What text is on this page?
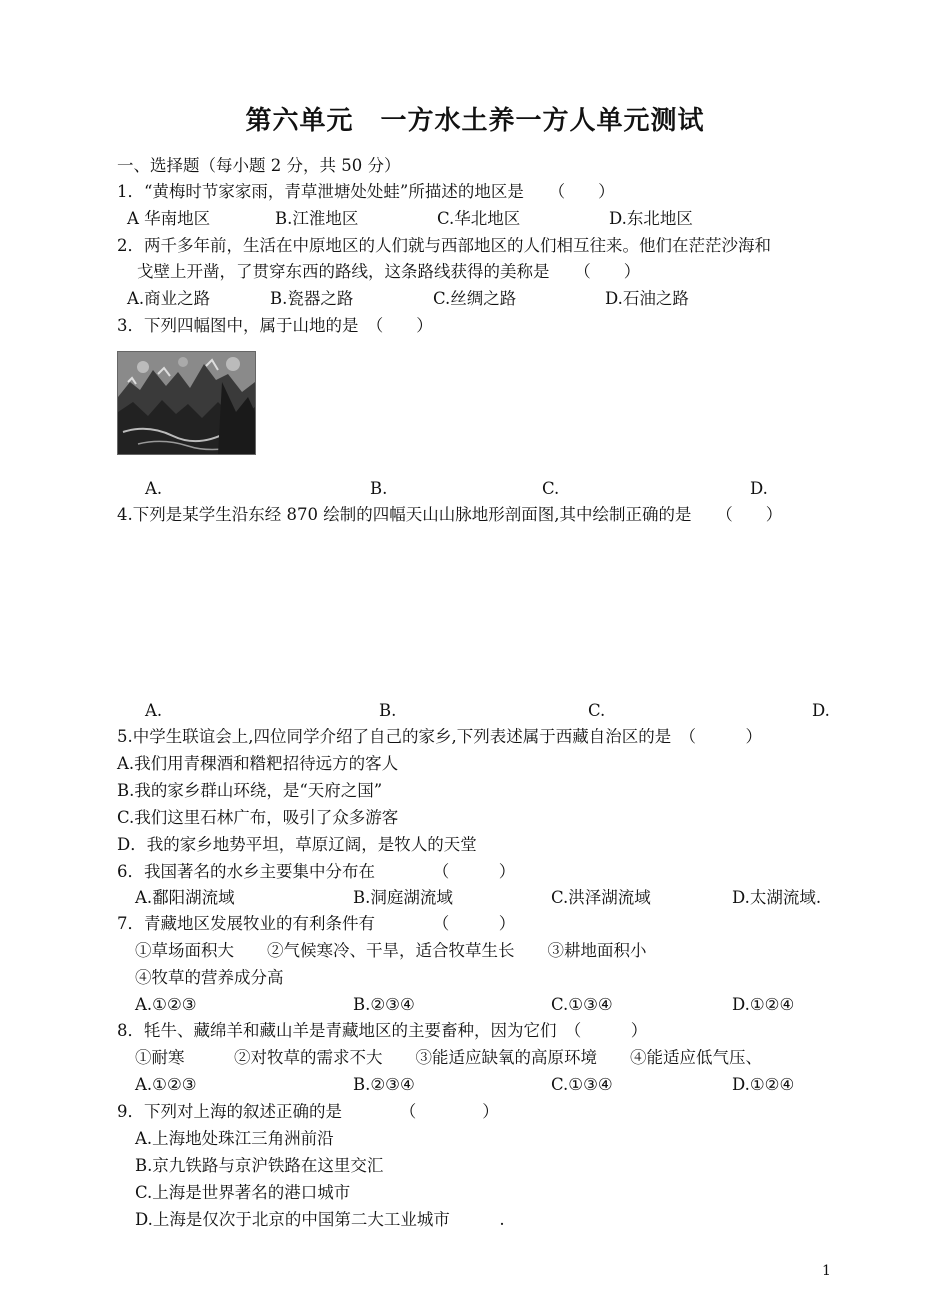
第六单元　一方水土养一方人单元测试
一、选择题（每小题 2 分，共 50 分）
1．“黄梅时节家家雨，青草泄塘处处蛙”所描述的地区是　　（　　）
A 华南地区	B.江淮地区	C.华北地区	D.东北地区
2．两千多年前，生活在中原地区的人们就与西部地区的人们相互往来。他们在茫茫沙海和
戈壁上开凿，了贯穿东西的路线，这条路线获得的美称是　　（　　）
A.商业之路	B.瓷器之路	C.丝绸之路	D.石油之路
3．下列四幅图中，属于山地的是　（　　）
A.	B.	C.	D.
4.下列是某学生沿东经 870 绘制的四幅天山山脉地形剖面图,其中绘制正确的是　　（　　）
A.	B.	C.	D.
5.中学生联谊会上,四位同学介绍了自己的家乡,下列表述属于西藏自治区的是　（　　　）
A.我们用青稞酒和糌粑招待远方的客人
B.我的家乡群山环绕，是“天府之国”
C.我们这里石林广布，吸引了众多游客
D．我的家乡地势平坦，草原辽阔，是牧人的天堂
6．我国著名的水乡主要集中分布在　　　　（　　　）
A.鄱阳湖流域	B.洞庭湖流域	C.洪泽湖流域	D.太湖流域.
7．青藏地区发展牧业的有利条件有　　　　（　　　）
①草场面积大　　②气候寒冷、干旱，适合牧草生长　　③耕地面积小
④牧草的营养成分高
A.①②③	B.②③④	C.①③④	D.①②④
8．牦牛、藏绵羊和藏山羊是青藏地区的主要畜种，因为它们　（　　　）
①耐寒　　　②对牧草的需求不大　　③能适应缺氧的高原环境　　④能适应低气压、
A.①②③	B.②③④	C.①③④	D.①②④
9．下列对上海的叙述正确的是　　　　（　　　　）
A.上海地处珠江三角洲前沿
B.京九铁路与京沪铁路在这里交汇
C.上海是世界著名的港口城市
D.上海是仅次于北京的中国第二大工业城市　　　.
1
